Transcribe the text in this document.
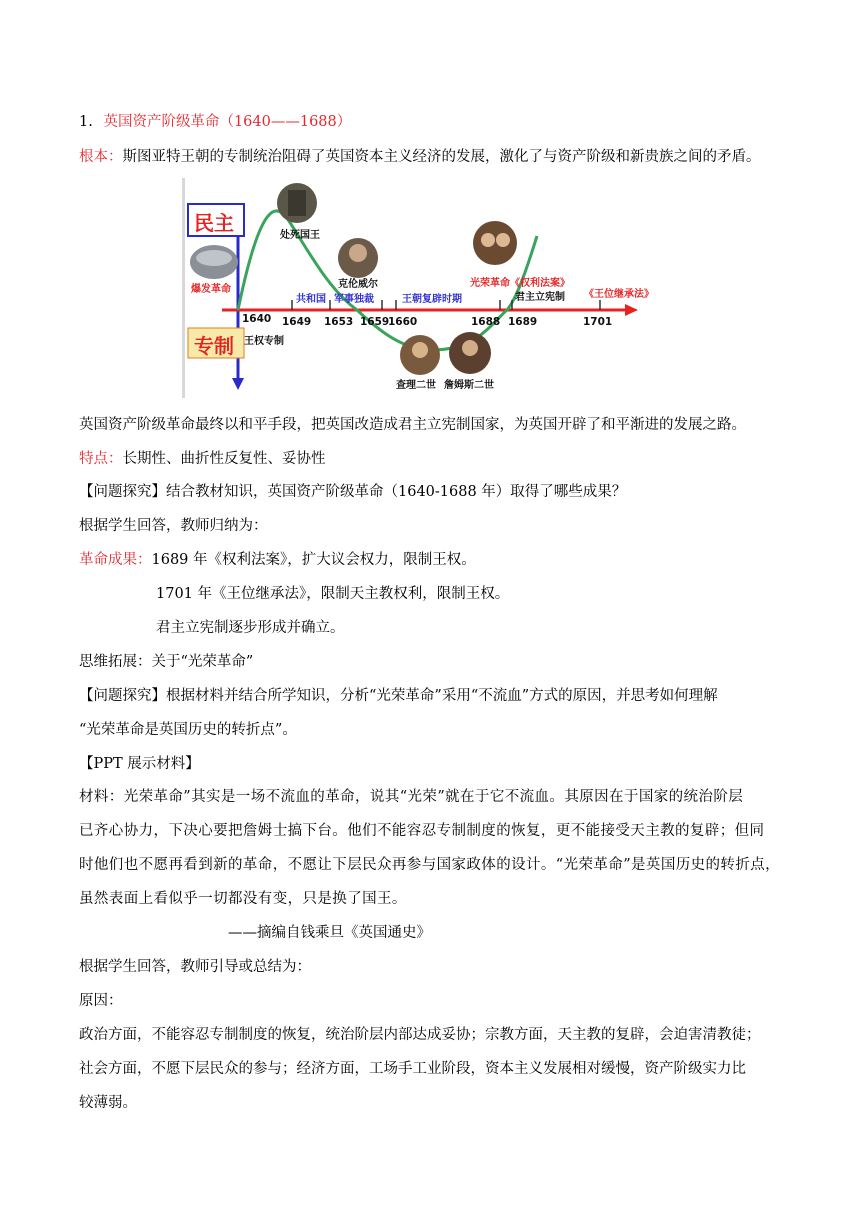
1. 英国资产阶级革命（1640——1688）
根本：斯图亚特王朝的专制统治阻碍了英国资本主义经济的发展，激化了与资产阶级和新贵族之间的矛盾。
民主
专制
爆发革命
处死国王
克伦威尔
共和国 军事独裁	王朝复辟时期
光荣革命《权利法案》
君主立宪制 《王位继承法》
王权专制
查理二世 詹姆斯二世
1640 1649 1653 1659
1660	1688 1689	1701
英国资产阶级革命最终以和平手段，把英国改造成君主立宪制国家，为英国开辟了和平渐进的发展之路。
特点：长期性、曲折性反复性、妥协性
【问题探究】结合教材知识，英国资产阶级革命（1640-1688 年）取得了哪些成果？
根据学生回答，教师归纳为：
革命成果：1689 年《权利法案》，扩大议会权力，限制王权。
1701 年《王位继承法》，限制天主教权利，限制王权。
君主立宪制逐步形成并确立。
思维拓展：关于“光荣革命”
【问题探究】根据材料并结合所学知识，分析“光荣革命”采用“不流血”方式的原因，并思考如何理解
“光荣革命是英国历史的转折点”。
【PPT 展示材料】
材料：光荣革命”其实是一场不流血的革命，说其“光荣”就在于它不流血。其原因在于国家的统治阶层
已齐心协力，下决心要把詹姆士搞下台。他们不能容忍专制制度的恢复，更不能接受天主教的复辟；但同
时他们也不愿再看到新的革命，不愿让下层民众再参与国家政体的设计。“光荣革命”是英国历史的转折点，
虽然表面上看似乎一切都没有变，只是换了国王。
——摘编自钱乘旦《英国通史》
根据学生回答，教师引导或总结为：
原因：
政治方面，不能容忍专制制度的恢复，统治阶层内部达成妥协；宗教方面，天主教的复辟，会迫害清教徒；
社会方面，不愿下层民众的参与；经济方面，工场手工业阶段，资本主义发展相对缓慢，资产阶级实力比
较薄弱。
